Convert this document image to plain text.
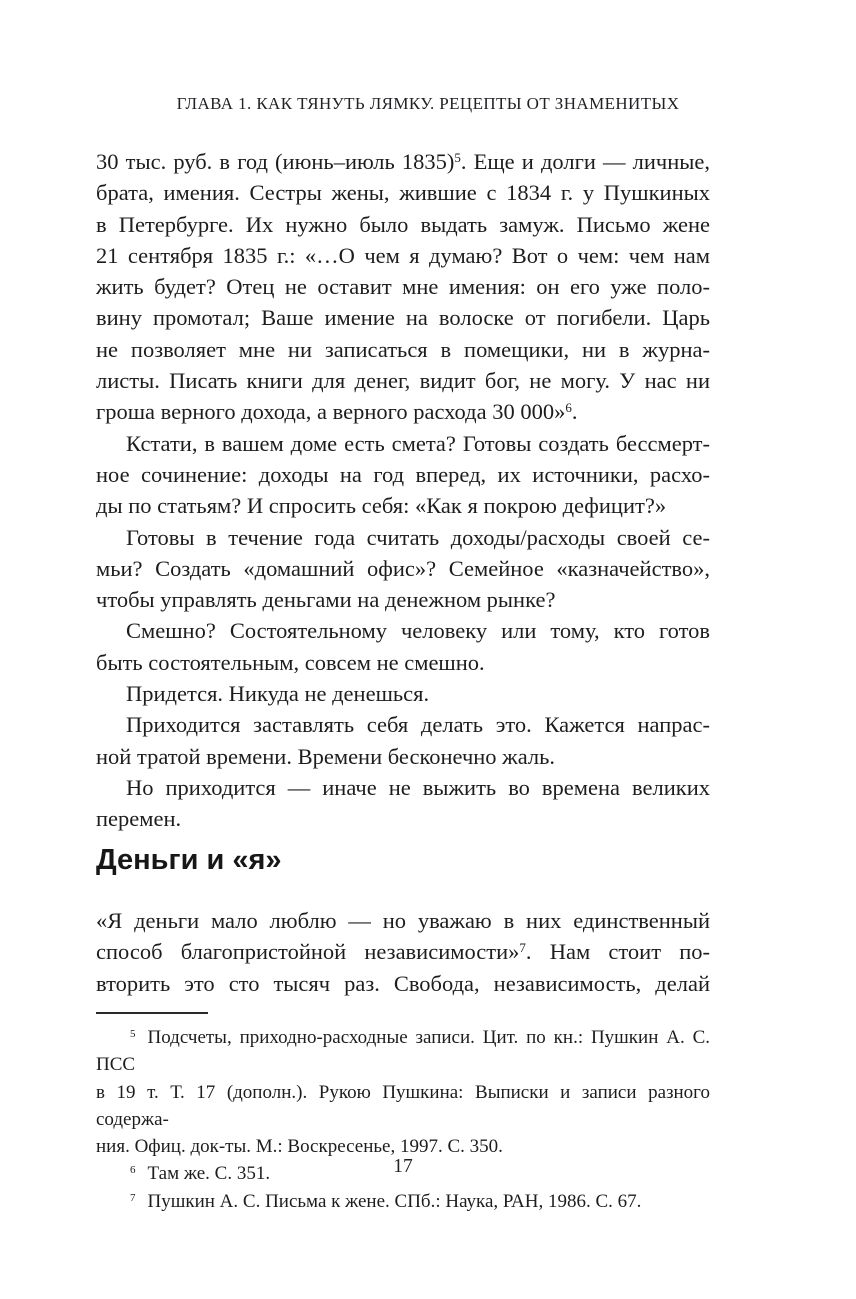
ГЛАВА 1. КАК ТЯНУТЬ ЛЯМКУ. РЕЦЕПТЫ ОТ ЗНАМЕНИТЫХ
30 тыс. руб. в год (июнь–июль 1835)$^5$. Еще и долги — личные,
брата, имения. Сестры жены, жившие с 1834 г. у Пушкиных
в Петербурге. Их нужно было выдать замуж. Письмо жене
21 сентября 1835 г.: «…О чем я думаю? Вот о чем: чем нам
жить будет? Отец не оставит мне имения: он его уже поло-
вину промотал; Ваше имение на волоске от погибели. Царь
не позволяет мне ни записаться в помещики, ни в журна-
листы. Писать книги для денег, видит бог, не могу. У нас ни
гроша верного дохода, а верного расхода 30 000»$^6$.
Кстати, в вашем доме есть смета? Готовы создать бессмерт-
ное сочинение: доходы на год вперед, их источники, расхо-
ды по статьям? И спросить себя: «Как я покрою дефицит?»
Готовы в течение года считать доходы/расходы своей се-
мьи? Создать «домашний офис»? Семейное «казначейство»,
чтобы управлять деньгами на денежном рынке?
Смешно? Состоятельному человеку или тому, кто готов
быть состоятельным, совсем не смешно.
Придется. Никуда не денешься.
Приходится заставлять себя делать это. Кажется напрас-
ной тратой времени. Времени бесконечно жаль.
Но приходится — иначе не выжить во времена великих
перемен.
Деньги и «я»
«Я деньги мало люблю — но уважаю в них единственный
способ благопристойной независимости»$^7$. Нам стоит по-
вторить это сто тысяч раз. Свобода, независимость, делай
$^5$ Подсчеты, приходно-расходные записи. Цит. по кн.: Пушкин А. С. ПСС
в 19 т. Т. 17 (дополн.). Рукою Пушкина: Выписки и записи разного содержа-
ния. Офиц. док-ты. М.: Воскресенье, 1997. С. 350.
$^6$ Там же. С. 351.
$^7$ Пушкин А. С. Письма к жене. СПб.: Наука, РАН, 1986. С. 67.
17
